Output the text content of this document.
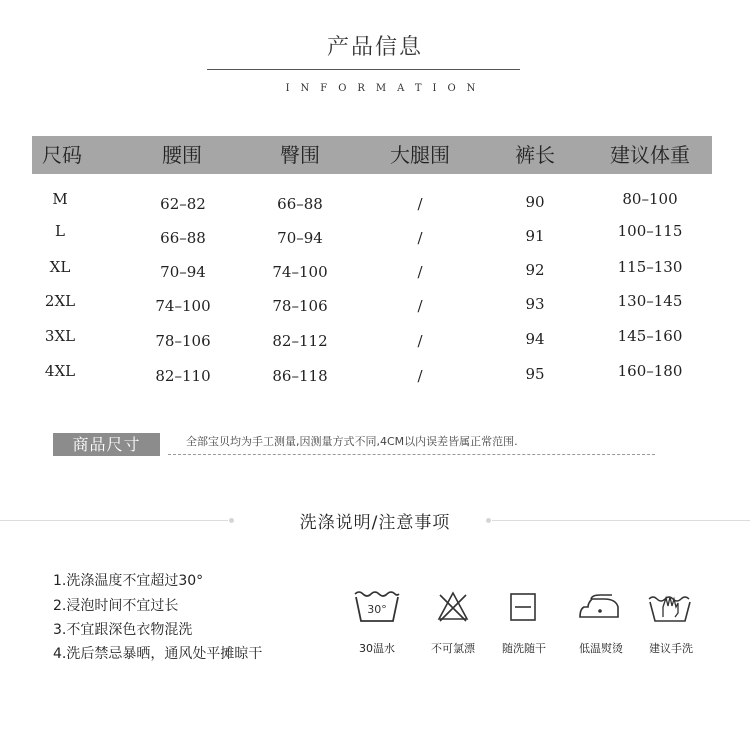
产品信息
INFORMATION
尺码	腰围	臀围	大腿围	裤长	建议体重
M	62–82	66–88	/	90	80–100
L	66–88	70–94	/	91	100–115
XL	70–94	74–100	/	92	115–130
2XL	74–100	78–106	/	93	130–145
3XL	78–106	82–112	/	94	145–160
4XL	82–110	86–118	/	95	160–180
商品尺寸	全部宝贝均为手工测量,因测量方式不同,4CM以内误差皆属正常范围.
洗涤说明/注意事项
1.洗涤温度不宜超过30°
2.浸泡时间不宜过长
3.不宜跟深色衣物混洗
4.洗后禁忌暴晒，通风处平摊晾干
30°
30温水	不可氯漂	随洗随干	低温熨烫	建议手洗
